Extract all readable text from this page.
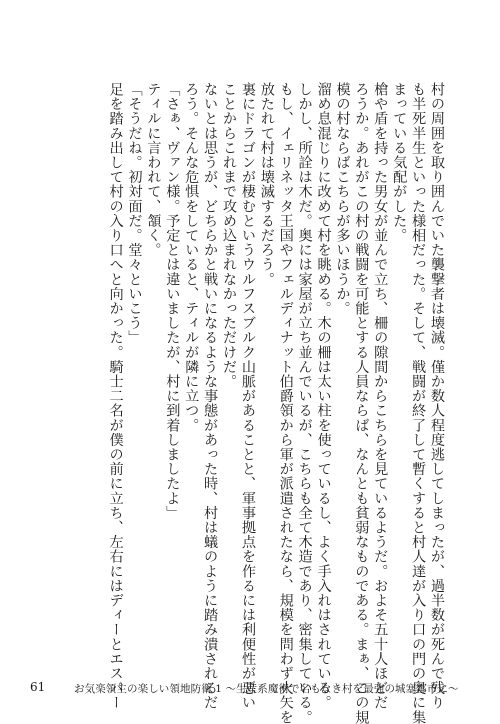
村の周囲を取り囲んでいた襲撃者は壊滅。僅か数人程度逃してしまったが、過半数が死んで残り
も半死半生といった様相だった。そして、戦闘が終了して暫くすると村人達が入り口の門の奥に集
まっている気配がした。
槍や盾を持った男女が並んで立ち、柵の隙間からこちらを見ているようだ。およそ五十人ほどだ
ろうか。あれがこの村の戦闘を可能とする人員ならば、なんとも貧弱なものである。まぁ、この規
模の村ならばこちらが多いほうか。
溜め息混じりに改めて村を眺める。木の柵は太い柱を使っているし、よく手入れはされている。
しかし、所詮は木だ。奥には家屋が立ち並んでいるが、こちらも全て木造であり、密集している。
もし、イェリネッタ王国やフェルディナット伯爵領から軍が派遣されたなら、規模を問わず火矢を
放たれて村は壊滅するだろう。
裏にドラゴンが棲むというウルフスブルク山脈があることと、軍事拠点を作るには利便性が悪い
ことからこれまで攻め込まれなかっただけだ。
ないとは思うが、どちらかと戦いになるような事態があった時、村は蟻のように踏み潰されるだ
ろう。そんな危惧をしていると、ティルが隣に立つ。
「さぁ、ヴァン様。予定とは違いましたが、村に到着しましたよ」
ティルに言われて、頷く。
「そうだね。初対面だ。堂々といこう」
足を踏み出して村の入り口へと向かった。騎士二名が僕の前に立ち、左右にはディーとエスパー
61	お気楽領主の楽しい領地防衛 1 ～生産系魔術で名もなき村を最強の城塞都市に～
